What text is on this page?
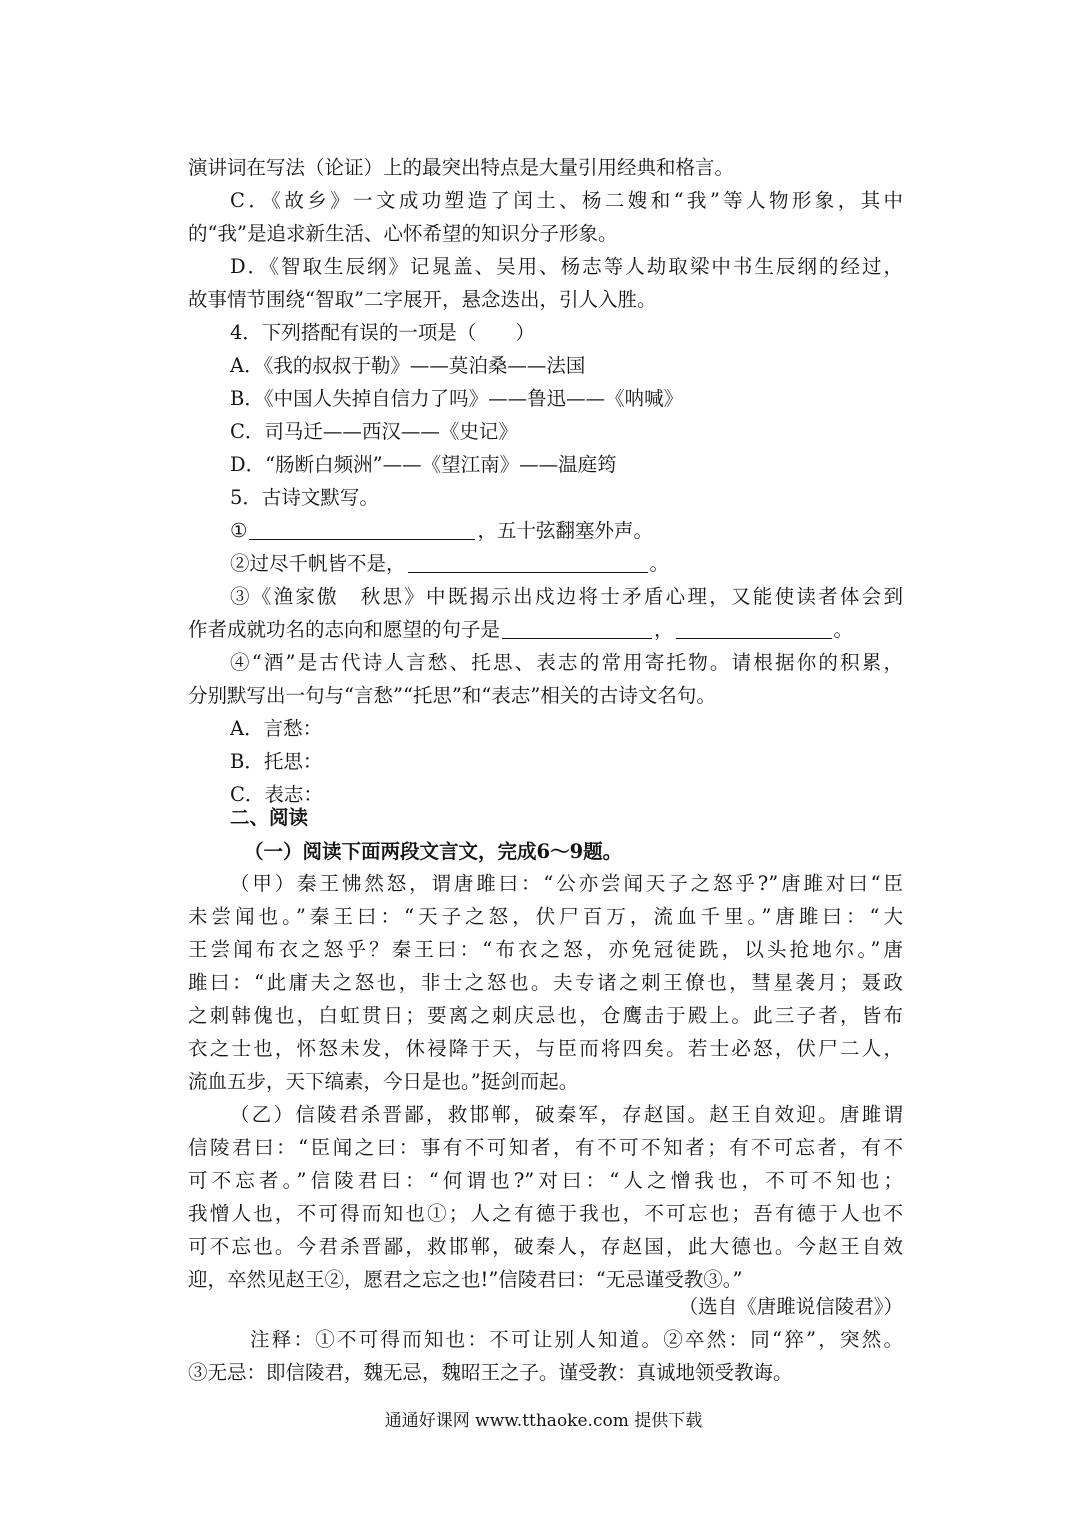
演讲词在写法（论证）上的最突出特点是大量引用经典和格言。
C．《故乡》一文成功塑造了闰土、杨二嫂和“我”等人物形象，其中
的“我”是追求新生活、心怀希望的知识分子形象。
D．《智取生辰纲》记晁盖、吴用、杨志等人劫取梁中书生辰纲的经过，
故事情节围绕“智取”二字展开，悬念迭出，引人入胜。
4．下列搭配有误的一项是（　　）
A．《我的叔叔于勒》——莫泊桑——法国
B．《中国人失掉自信力了吗》——鲁迅——《呐喊》
C．司马迁——西汉——《史记》
D．“肠断白频洲”——《望江南》——温庭筠
5．古诗文默写。
①	，五十弦翻塞外声。
②过尽千帆皆不是，	。
③《渔家傲　秋思》中既揭示出戍边将士矛盾心理，又能使读者体会到
作者成就功名的志向和愿望的句子是	，	。
④“酒”是古代诗人言愁、托思、表志的常用寄托物。请根据你的积累，
分别默写出一句与“言愁”“托思”和“表志”相关的古诗文名句。
A．言愁：
B．托思：
C．表志：
二、阅读
（一）阅读下面两段文言文，完成6～9题。
（甲）秦王怫然怒，谓唐雎曰：“公亦尝闻天子之怒乎?”唐雎对曰“臣
未尝闻也。”秦王曰：“天子之怒，伏尸百万，流血千里。”唐雎曰：“大
王尝闻布衣之怒乎？秦王曰：“布衣之怒，亦免冠徒跣，以头抢地尔。”唐
雎曰：“此庸夫之怒也，非士之怒也。夫专诸之刺王僚也，彗星袭月；聂政
之刺韩傀也，白虹贯日；要离之刺庆忌也，仓鹰击于殿上。此三子者，皆布
衣之士也，怀怒未发，休祲降于天，与臣而将四矣。若士必怒，伏尸二人，
流血五步，天下缟素，今日是也。”挺剑而起。
（乙）信陵君杀晋鄙，救邯郸，破秦军，存赵国。赵王自效迎。唐雎谓
信陵君曰：“臣闻之曰：事有不可知者，有不可不知者；有不可忘者，有不
可不忘者。”信陵君曰：“何谓也?”对曰：“人之憎我也，不可不知也；
我憎人也，不可得而知也①；人之有德于我也，不可忘也；吾有德于人也不
可不忘也。今君杀晋鄙，救邯郸，破秦人，存赵国，此大德也。今赵王自效
迎，卒然见赵王②，愿君之忘之也!”信陵君曰：“无忌谨受教③。”
（选自《唐雎说信陵君》）
注释：①不可得而知也：不可让别人知道。②卒然：同“猝”，突然。
③无忌：即信陵君，魏无忌，魏昭王之子。谨受教：真诚地领受教诲。
通通好课网 www.tthaoke.com 提供下载
